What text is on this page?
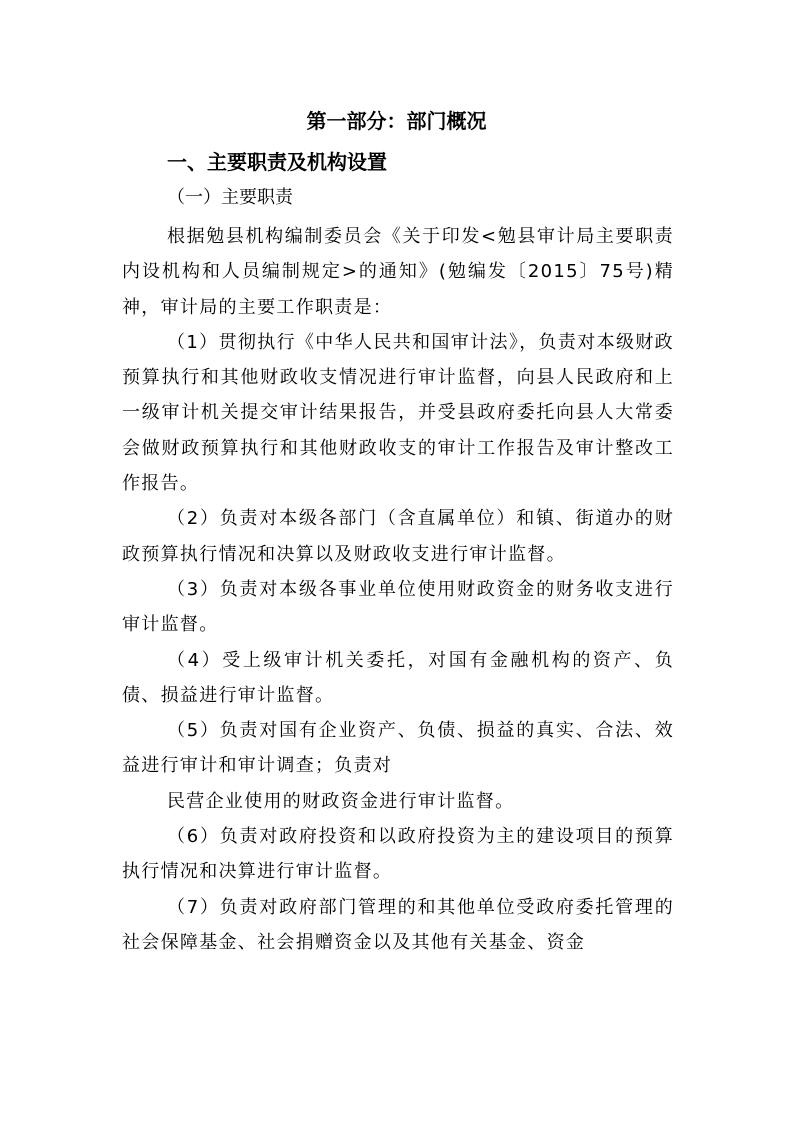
第一部分：部门概况
一、主要职责及机构设置
（一）主要职责

根据勉县机构编制委员会《关于印发<勉县审计局主要职责内设机构和人员编制规定>的通知》(勉编发〔2015〕75号)精神，审计局的主要工作职责是：

（1）贯彻执行《中华人民共和国审计法》，负责对本级财政预算执行和其他财政收支情况进行审计监督，向县人民政府和上一级审计机关提交审计结果报告，并受县政府委托向县人大常委会做财政预算执行和其他财政收支的审计工作报告及审计整改工作报告。

（2）负责对本级各部门（含直属单位）和镇、街道办的财政预算执行情况和决算以及财政收支进行审计监督。

（3）负责对本级各事业单位使用财政资金的财务收支进行审计监督。

（4）受上级审计机关委托，对国有金融机构的资产、负债、损益进行审计监督。

（5）负责对国有企业资产、负债、损益的真实、合法、效益进行审计和审计调查；负责对

民营企业使用的财政资金进行审计监督。

（6）负责对政府投资和以政府投资为主的建设项目的预算执行情况和决算进行审计监督。

（7）负责对政府部门管理的和其他单位受政府委托管理的社会保障基金、社会捐赠资金以及其他有关基金、资金
